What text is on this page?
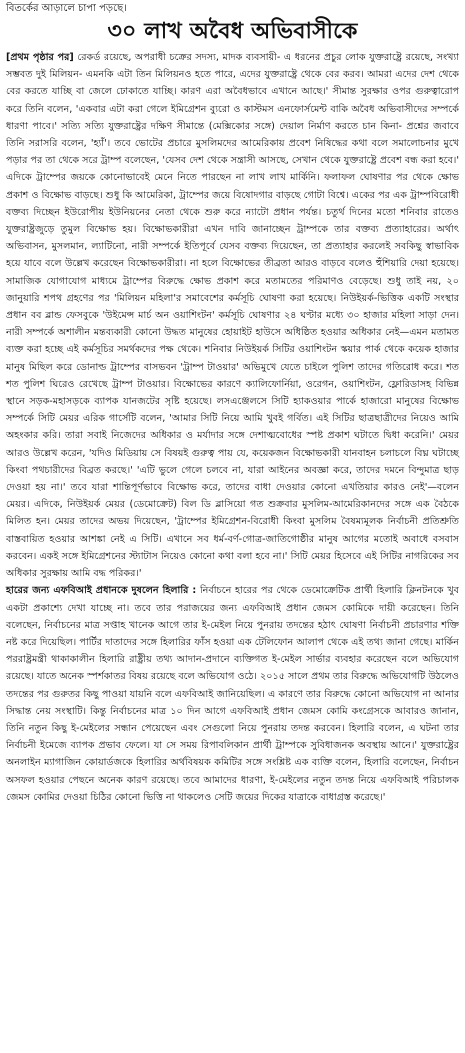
বিতর্কের আড়ালে চাপা পড়ছে।
৩০ লাখ অবৈধ অভিবাসীকে

[প্রথম পৃষ্ঠার পর] রেকর্ড রয়েছে, অপরাধী চক্রের সদস্য, মাদক ব্যবসায়ী- এ ধরনের প্রচুর লোক যুক্তরাষ্ট্রে রয়েছে, সংখ্যা সম্ভবত দুই মিলিয়ন- এমনকি এটা তিন মিলিয়নও হতে পারে, এদের যুক্তরাষ্ট্রে থেকে বের করব। আমরা এদের দেশ থেকে বের করতে যাচ্ছি বা জেলে ঢোকাতে যাচ্ছি। কারণ এরা অবৈধভাবে এখানে আছে।' সীমান্ত সুরক্ষার ওপর গুরুত্বারোপ করে তিনি বলেন, 'একবার এটা করা গেলে ইমিগ্রেশন ব্যুরো ও কাস্টমস এনফোর্সমেন্ট বাকি অবৈধ অভিবাসীদের সম্পর্কে ধারণা পাবে।' সত্যি সত্যি যুক্তরাষ্ট্রের দক্ষিণ সীমান্তে (মেক্সিকোর সঙ্গে) দেয়াল নির্মাণ করতে চান কিনা- প্রশ্নের জবাবে তিনি সরাসরি বলেন, 'হ্যাঁ'। তবে ভোটের প্রচারে মুসলিমদের আমেরিকায় প্রবেশ নিষিদ্ধের কথা বলে সমালোচনার মুখে পড়ার পর তা থেকে সরে ট্রাম্প বলেছেন, 'যেসব দেশ থেকে সন্ত্রাসী আসছে, সেখান থেকে যুক্তরাষ্ট্রে প্রবেশ বন্ধ করা হবে।' এদিকে ট্রাম্পের জয়কে কোনোভাবেই মেনে নিতে পারছেন না লাখ লাখ মার্কিনি। ফলাফল ঘোষণার পর থেকে ক্ষোভ প্রকাশ ও বিক্ষোভ বাড়ছে। শুধু কি আমেরিকা, ট্রাম্পের জয়ে বিষোদগার বাড়ছে গোটা বিশ্বে। একের পর এক ট্রাম্পবিরোধী বক্তব্য দিচ্ছেন ইউরোপীয় ইউনিয়নের নেতা থেকে শুরু করে ন্যাটো প্রধান পর্যন্ত। চতুর্থ দিনের মতো শনিবার রাতেও যুক্তরাষ্ট্রজুড়ে তুমুল বিক্ষোভ হয়। বিক্ষোভকারীরা এখন দাবি জানাচ্ছেন ট্রাম্পকে তার বক্তব্য প্রত্যাহারের। অর্থাৎ অভিবাসন, মুসলমান, ল্যাটিনো, নারী সম্পর্কে ইতিপূর্বে যেসব বক্তব্য দিয়েছেন, তা প্রত্যাহার করলেই সবকিছু স্বাভাবিক হয়ে যাবে বলে উল্লেখ করেছেন বিক্ষোভকারীরা। না হলে বিক্ষোভের তীব্রতা আরও বাড়বে বলেও হুঁশিয়ারি দেয়া হয়েছে। সামাজিক যোগাযোগ মাধ্যমে ট্রাম্পের বিরুদ্ধে ক্ষোভ প্রকাশ করে মতামতের পরিমাণও বেড়েছে। শুধু তাই নয়, ২০ জানুয়ারি শপথ গ্রহণের পর 'মিলিয়ন মহিলা'র সমাবেশের কর্মসূচি ঘোষণা করা হয়েছে। নিউইয়র্ক-ভিত্তিক একটি সংস্থার প্রধান বব ব্লান্ড ফেসবুকে 'উইমেন্স মার্চ অন ওয়াশিংটন' কর্মসূচি ঘোষণার ২৪ ঘণ্টার মধ্যে ৩০ হাজার মহিলা সাড়া দেন। নারী সম্পর্কে অশালীন মন্তব্যকারী কোনো উদ্ধত মানুষের হোয়াইট হাউসে অধিষ্ঠিত হওয়ার অধিকার নেই—এমন মতামত ব্যক্ত করা হচ্ছে এই কর্মসূচির সমর্থকদের পক্ষ থেকে। শনিবার নিউইয়র্ক সিটির ওয়াশিংটন স্কয়ার পার্ক থেকে কয়েক হাজার মানুষ মিছিল করে ডোনাল্ড ট্রাম্পের বাসভবন 'ট্রাম্প টাওয়ার' অভিমুখে যেতে চাইলে পুলিশ তাদের গতিরোধ করে। শত শত পুলিশ ঘিরেও রেখেছে ট্রাম্প টাওয়ার। বিক্ষোভের কারণে ক্যালিফোর্নিয়া, ওরেগন, ওয়াশিংটন, ফ্লোরিডাসহ বিভিন্ন স্থানে সড়ক-মহাসড়কে ব্যাপক যানজটের সৃষ্টি হয়েছে। লসএঞ্জেলসে সিটি হ্যাকওয়ার পার্কে হাজারো মানুষের বিক্ষোভ সম্পর্কে সিটি মেয়র এরিক গার্সেটি বলেন, 'আমার সিটি নিয়ে আমি খুবই গর্বিত। এই সিটির ছাত্রছাত্রীদের নিয়েও আমি অহংকার করি। তারা সবাই নিজেদের অধিকার ও মর্যাদার সঙ্গে দেশাত্মবোধের স্পষ্ট প্রকাশ ঘটাতে দ্বিধা করেনি।' মেয়র আরও উল্লেখ করেন, 'যদিও মিডিয়ায় সে বিষয়ই গুরুত্ব পায় যে, কয়েকজন বিক্ষোভকারী যানবাহন চলাচলে বিঘ্ন ঘটাচ্ছে কিংবা পথচারীদের বিব্রত করছে।' 'এটি ভুলে গেলে চলবে না, যারা আইনের অবজ্ঞা করে, তাদের দমনে বিন্দুমাত্র ছাড় দেওয়া হয় না।' তবে যারা শান্তিপূর্ণভাবে বিক্ষোভ করে, তাদের বাধা দেওয়ার কোনো এখতিয়ার কারও নেই'—বলেন মেয়র। এদিকে, নিউইয়র্ক মেয়র (ডেমোক্রেট) বিল ডি ব্লাসিয়ো গত শুক্রবার মুসলিম-আমেরিকানদের সঙ্গে এক বৈঠকে মিলিত হন। মেয়র তাদের অভয় দিয়েছেন, 'ট্রাম্পের ইমিগ্রেশন-বিরোধী কিংবা মুসলিম বৈষম্যমূলক নির্বাচনী প্রতিশ্রুতি বাস্তবায়িত হওয়ার আশঙ্কা নেই এ সিটি। এখানে সব ধর্ম-বর্ণ-গোত্র-জাতিগোষ্ঠীর মানুষ আগের মতোই অবাধে বসবাস করবেন। একই সঙ্গে ইমিগ্রেশনের স্ট্যাটাস নিয়েও কোনো কথা বলা হবে না।' সিটি মেয়র হিসেবে এই সিটির নাগরিকের সব অধিকার সুরক্ষায় আমি বদ্ধ পরিকর।'

হারের জন্য এফবিআই প্রধানকে দুষলেন হিলারি : নির্বাচনে হারের পর থেকে ডেমোক্রেটিক প্রার্থী হিলারি ক্লিনটনকে খুব একটা প্রকাশ্যে দেখা যাচ্ছে না। তবে তার পরাজয়ের জন্য এফবিআই প্রধান জেমস কোমিকে দায়ী করেছেন। তিনি বলেছেন, নির্বাচনের মাত্র সপ্তাহ খানেক আগে তার ই-মেইল নিয়ে পুনরায় তদন্তের হঠাৎ ঘোষণা নির্বাচনী প্রচারণার শক্তি নষ্ট করে দিয়েছিল। পার্টির দাতাদের সঙ্গে হিলারির ফাঁস হওয়া এক টেলিফোন আলাপ থেকে এই তথ্য জানা গেছে। মার্কিন পররাষ্ট্রমন্ত্রী থাকাকালীন হিলারি রাষ্ট্রীয় তথ্য আদান-প্রদানে ব্যক্তিগত ই-মেইল সার্ভার ব্যবহার করেছেন বলে অভিযোগ রয়েছে। যাতে অনেক স্পর্শকাতর বিষয় রয়েছে বলে অভিযোগ ওঠে। ২০১৫ সালে প্রথম তার বিরুদ্ধে অভিযোগটি উঠলেও তদন্তের পর গুরুতর কিছু পাওয়া যায়নি বলে এফবিআই জানিয়েছিল। এ কারণে তার বিরুদ্ধে কোনো অভিযোগ না আনার সিদ্ধান্ত নেয় সংস্থাটি। কিন্তু নির্বাচনের মাত্র ১০ দিন আগে এফবিআই প্রধান জেমস কোমি কংগ্রেসকে আবারও জানান, তিনি নতুন কিছু ই-মেইলের সন্ধান পেয়েছেন এবং সেগুলো নিয়ে পুনরায় তদন্ত করবেন। হিলারি বলেন, এ ঘটনা তার নির্বাচনী ইমেজে ব্যাপক প্রভাব ফেলে। যা সে সময় রিপাবলিকান প্রার্থী ট্রাম্পকে সুবিধাজনক অবস্থায় আনে।' যুক্তরাষ্ট্রের অনলাইন ম্যাগাজিন কোয়ার্ডজকে হিলারির অর্থবিষয়ক কমিটির সঙ্গে সংশ্লিষ্ট এক ব্যক্তি বলেন, হিলারি বলেছেন, নির্বাচন অসফল হওয়ার পেছনে অনেক কারণ রয়েছে। তবে আমাদের ধারণা, ই-মেইলের নতুন তদন্ত নিয়ে এফবিআই পরিচালক জেমস কোমির দেওয়া চিঠির কোনো ভিত্তি না থাকলেও সেটি জয়ের দিকের যাত্রাকে বাধাগ্রস্ত করেছে।'
